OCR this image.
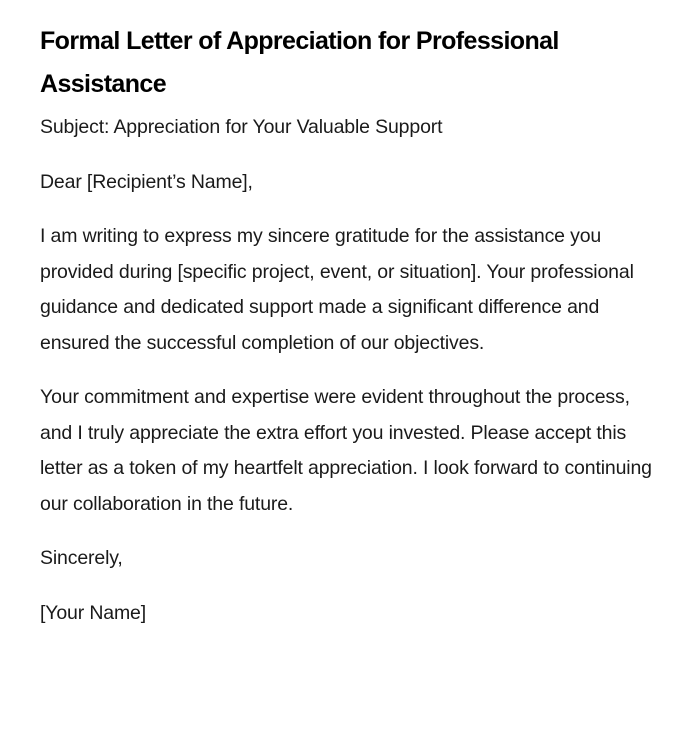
Formal Letter of Appreciation for Professional Assistance

Subject: Appreciation for Your Valuable Support

Dear [Recipient’s Name],

I am writing to express my sincere gratitude for the assistance you provided during [specific project, event, or situation]. Your professional guidance and dedicated support made a significant difference and ensured the successful completion of our objectives.

Your commitment and expertise were evident throughout the process, and I truly appreciate the extra effort you invested. Please accept this letter as a token of my heartfelt appreciation. I look forward to continuing our collaboration in the future.

Sincerely,

[Your Name]
